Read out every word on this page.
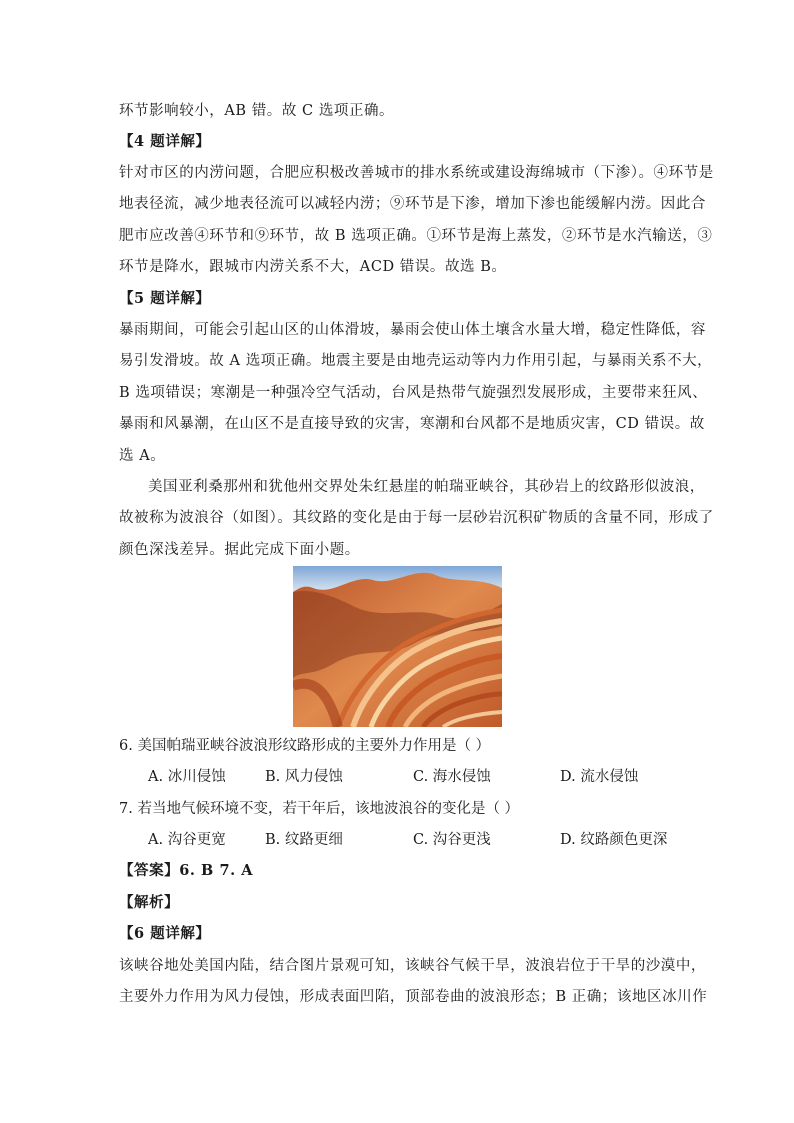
环节影响较小，AB 错。故 C 选项正确。
【4 题详解】
针对市区的内涝问题，合肥应积极改善城市的排水系统或建设海绵城市（下渗）。④环节是
地表径流，减少地表径流可以减轻内涝；⑨环节是下渗，增加下渗也能缓解内涝。因此合
肥市应改善④环节和⑨环节，故 B 选项正确。①环节是海上蒸发，②环节是水汽输送，③
环节是降水，跟城市内涝关系不大，ACD 错误。故选 B。
【5 题详解】
暴雨期间，可能会引起山区的山体滑坡，暴雨会使山体土壤含水量大增，稳定性降低，容
易引发滑坡。故 A 选项正确。地震主要是由地壳运动等内力作用引起，与暴雨关系不大，
B 选项错误；寒潮是一种强冷空气活动，台风是热带气旋强烈发展形成，主要带来狂风、
暴雨和风暴潮，在山区不是直接导致的灾害，寒潮和台风都不是地质灾害，CD 错误。故
选 A。
美国亚利桑那州和犹他州交界处朱红悬崖的帕瑞亚峡谷，其砂岩上的纹路形似波浪，
故被称为波浪谷（如图）。其纹路的变化是由于每一层砂岩沉积矿物质的含量不同，形成了
颜色深浅差异。据此完成下面小题。
6. 美国帕瑞亚峡谷波浪形纹路形成的主要外力作用是（ ）
A. 冰川侵蚀	B. 风力侵蚀	C. 海水侵蚀	D. 流水侵蚀
7. 若当地气候环境不变，若干年后，该地波浪谷的变化是（ ）
A. 沟谷更宽	B. 纹路更细	C. 沟谷更浅	D. 纹路颜色更深
【答案】6. B 7. A
【解析】
【6 题详解】
该峡谷地处美国内陆，结合图片景观可知，该峡谷气候干旱，波浪岩位于干旱的沙漠中，
主要外力作用为风力侵蚀，形成表面凹陷，顶部卷曲的波浪形态；B 正确；该地区冰川作
